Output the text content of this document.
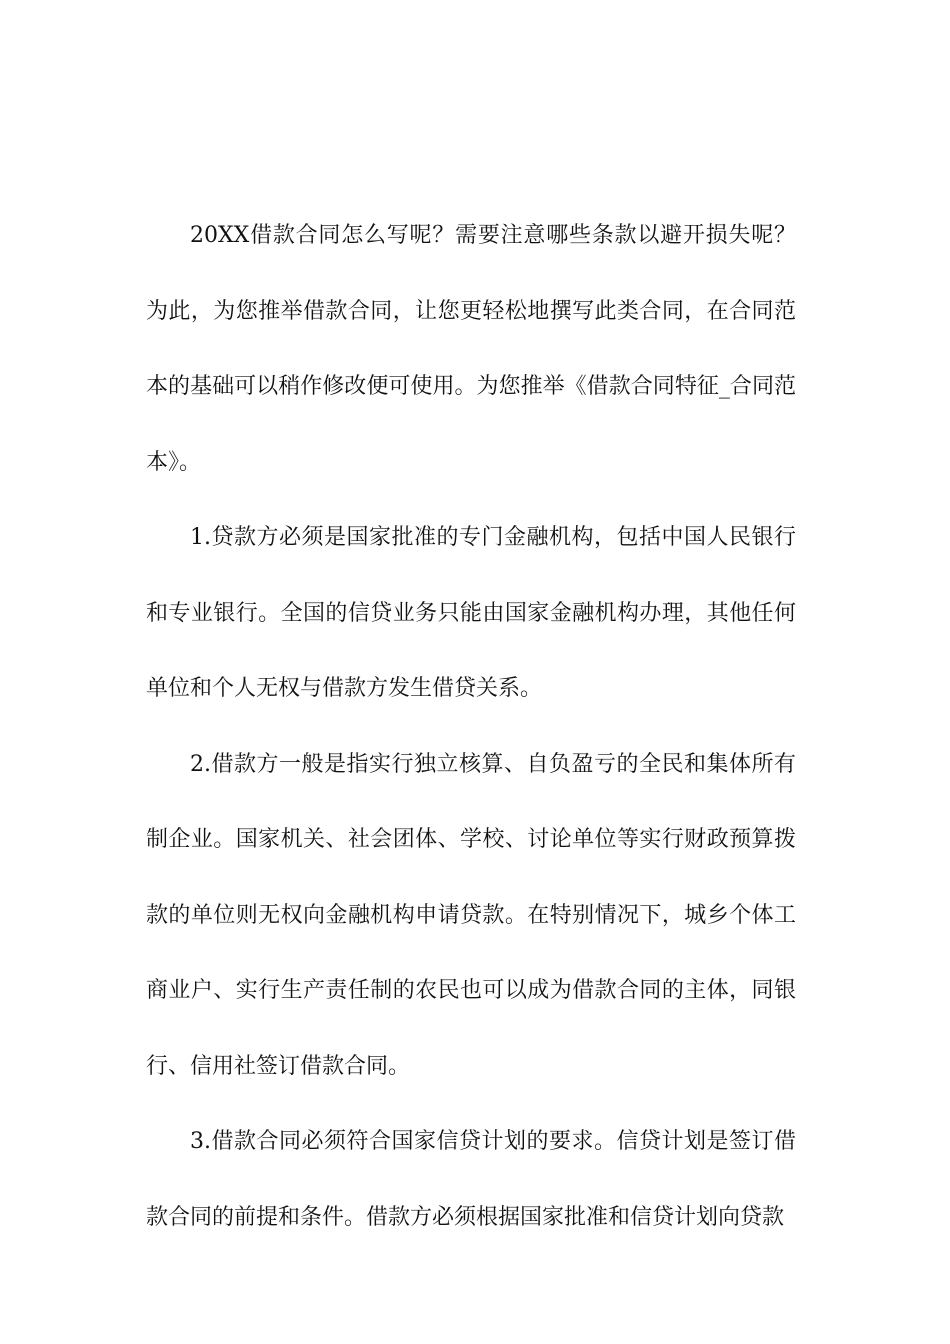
20XX借款合同怎么写呢？需要注意哪些条款以避开损失呢？为此，为您推举借款合同，让您更轻松地撰写此类合同，在合同范本的基础可以稍作修改便可使用。为您推举《借款合同特征_合同范本》。

1.贷款方必须是国家批准的专门金融机构，包括中国人民银行和专业银行。全国的信贷业务只能由国家金融机构办理，其他任何单位和个人无权与借款方发生借贷关系。

2.借款方一般是指实行独立核算、自负盈亏的全民和集体所有制企业。国家机关、社会团体、学校、讨论单位等实行财政预算拨款的单位则无权向金融机构申请贷款。在特别情况下，城乡个体工商业户、实行生产责任制的农民也可以成为借款合同的主体，同银行、信用社签订借款合同。

3.借款合同必须符合国家信贷计划的要求。信贷计划是签订借款合同的前提和条件。借款方必须根据国家批准和信贷计划向贷款
